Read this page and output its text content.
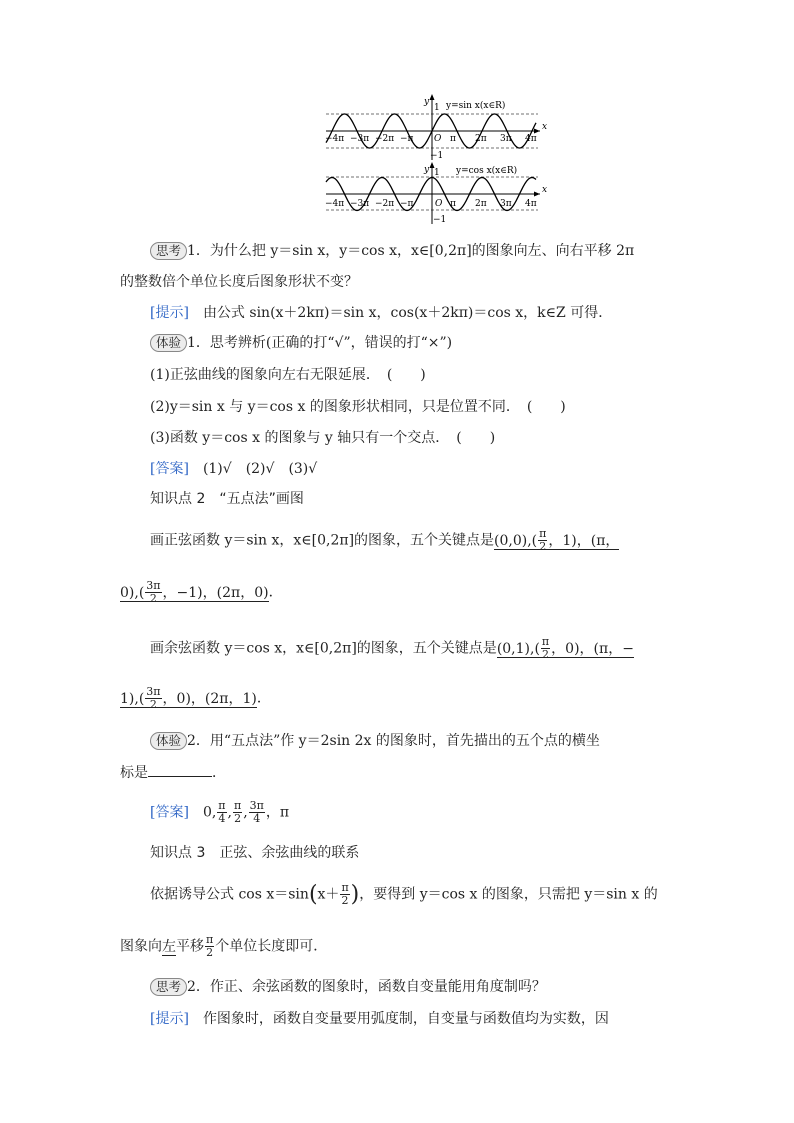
y
1 y=sin x(x∈R)
x
O
−1
−4π −3π −2π −π	π 2π 3π 4π
y 1 y=cos x(x∈R)
x
O
−1
−4π −3π −2π −π	π 2π 3π 4π
思考 1．为什么把 y＝sin x，y＝cos x，x∈[0,2π]的图象向左、向右平移 2π
的整数倍个单位长度后图象形状不变？
[提示]　 由公式 sin(x＋2kπ)＝sin x，cos(x＋2kπ)＝cos x，k∈Z 可得．
体验 1．思考辨析(正确的打“√”，错误的打“×”)
(1)正弦曲线的图象向左右无限延展．　(　　)
(2)y＝sin x 与 y＝cos x 的图象形状相同，只是位置不同．　(　　)
(3)函数 y＝cos x 的图象与 y 轴只有一个交点．　(　　)
[答案]　 (1)√　(2)√　(3)√
知识点 2　“五点法”画图
画正弦函数 y＝sin x，x∈[0,2π]的图象，五个关键点是$(0,0),( \frac{\pi}{2}$ ，1)，(π，
$0),( \frac{3\pi}{2}$ ，−1)，(2π，0)．
画余弦函数 y＝cos x，x∈[0,2π]的图象，五个关键点是$(0,1),( \frac{\pi}{2}$ ，0)，(π，−
$1),( \frac{3\pi}{2}$ ，0)，(2π，1)．
体验 2．用“五点法”作 y＝2sin 2x 的图象时，首先描出的五个点的横坐
标是	．
[答案]　 0, $\frac{\pi}{4}$ , $\frac{\pi}{2}$ , $\frac{3\pi}{4}$ ，π
知识点 3　正弦、余弦曲线的联系
依据诱导公式 $\cos x=\sin(x+ \frac{\pi}{2}$ )，要得到 y＝cos x 的图象，只需把 y＝sin x 的
图象向左平移 $\frac{\pi}{2}$ 个单位长度即可．
思考 2．作正、余弦函数的图象时，函数自变量能用角度制吗？
[提示]　 作图象时，函数自变量要用弧度制，自变量与函数值均为实数，因
